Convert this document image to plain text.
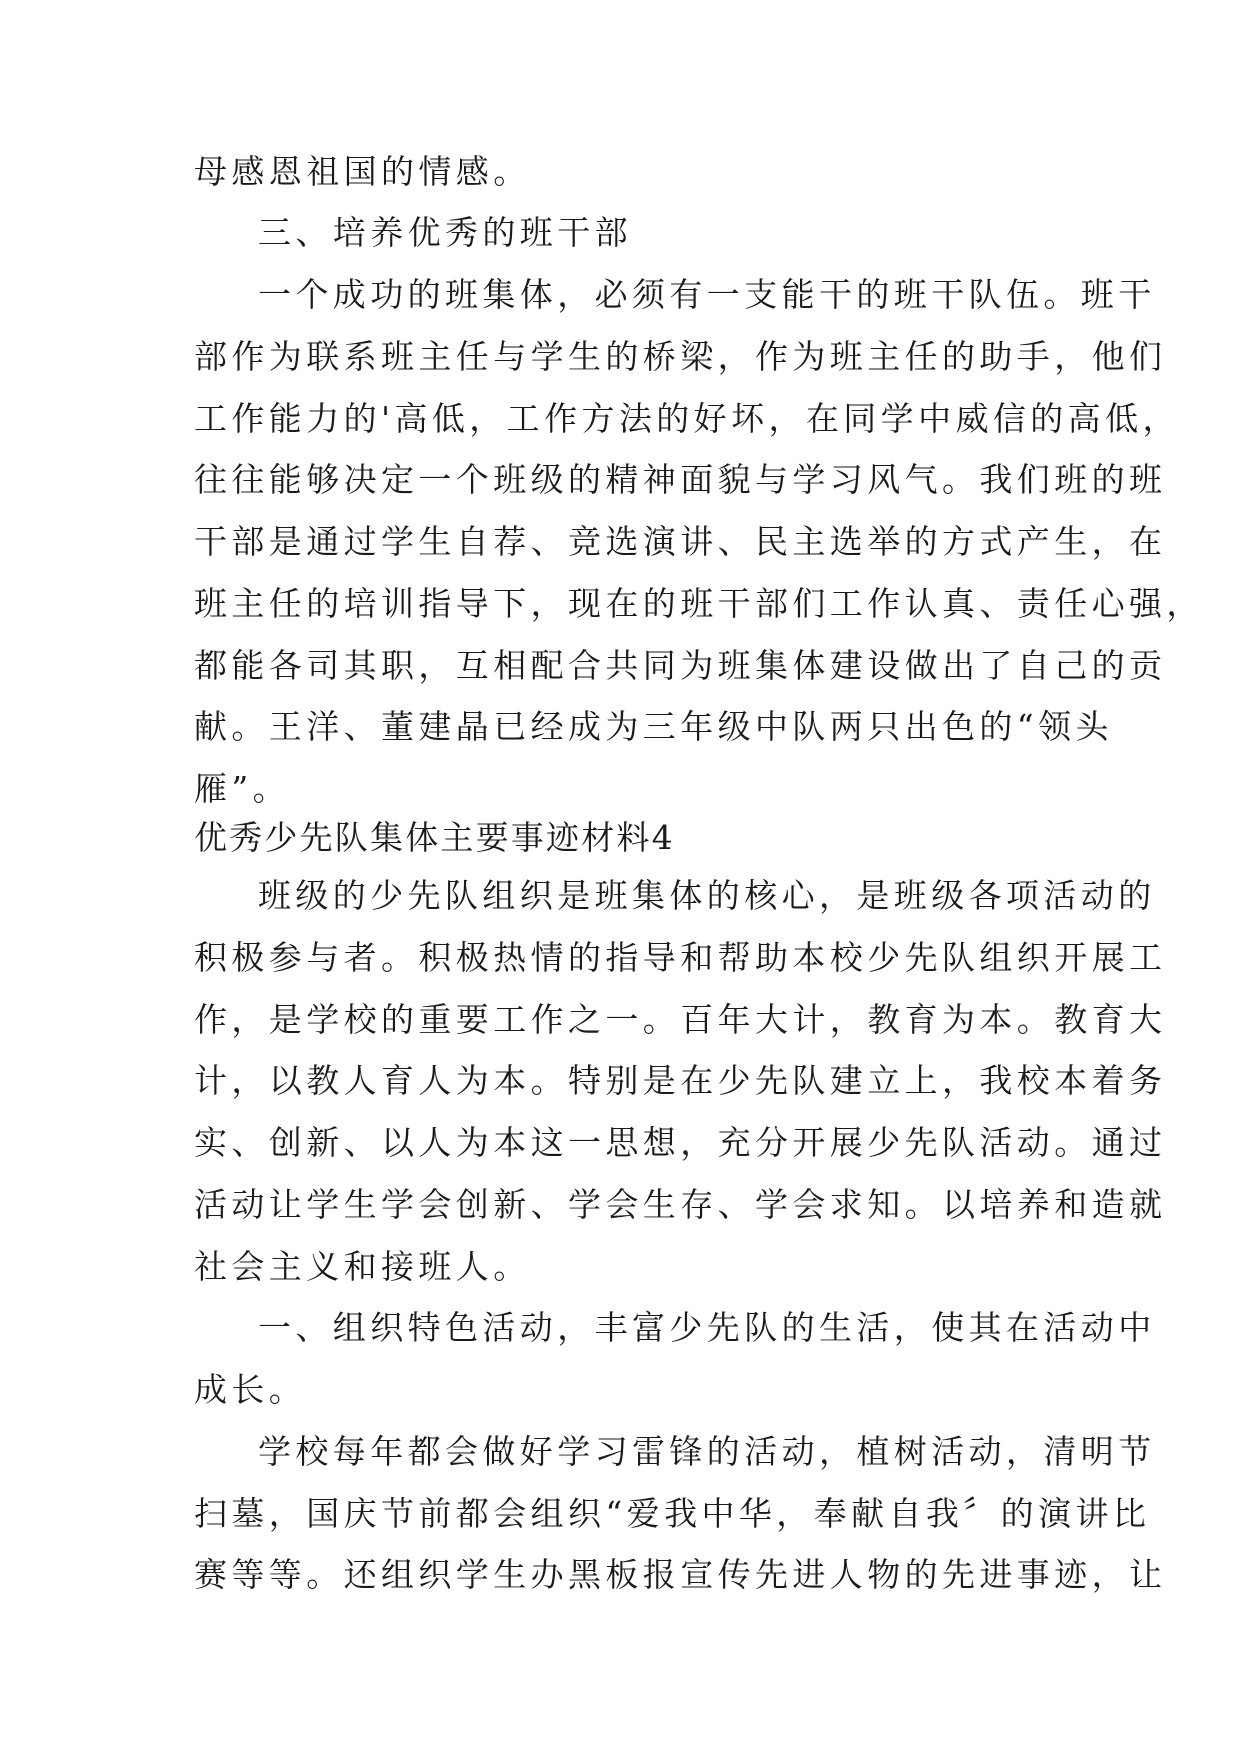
母感恩祖国的情感。
三、培养优秀的班干部
一个成功的班集体，必须有一支能干的班干队伍。班干
部作为联系班主任与学生的桥梁，作为班主任的助手，他们
工作能力的'高低，工作方法的好坏，在同学中威信的高低，
往往能够决定一个班级的精神面貌与学习风气。我们班的班
干部是通过学生自荐、竞选演讲、民主选举的方式产生，在
班主任的培训指导下，现在的班干部们工作认真、责任心强，
都能各司其职，互相配合共同为班集体建设做出了自己的贡
献。王洋、董建晶已经成为三年级中队两只出色的“领头
雁”。
优秀少先队集体主要事迹材料4
班级的少先队组织是班集体的核心，是班级各项活动的
积极参与者。积极热情的指导和帮助本校少先队组织开展工
作，是学校的重要工作之一。百年大计，教育为本。教育大
计，以教人育人为本。特别是在少先队建立上，我校本着务
实、创新、以人为本这一思想，充分开展少先队活动。通过
活动让学生学会创新、学会生存、学会求知。以培养和造就
社会主义和接班人。
一、组织特色活动，丰富少先队的生活，使其在活动中
成长。
学校每年都会做好学习雷锋的活动，植树活动，清明节
扫墓，国庆节前都会组织“爱我中华，奉献自我〞的演讲比
赛等等。还组织学生办黑板报宣传先进人物的先进事迹，让
